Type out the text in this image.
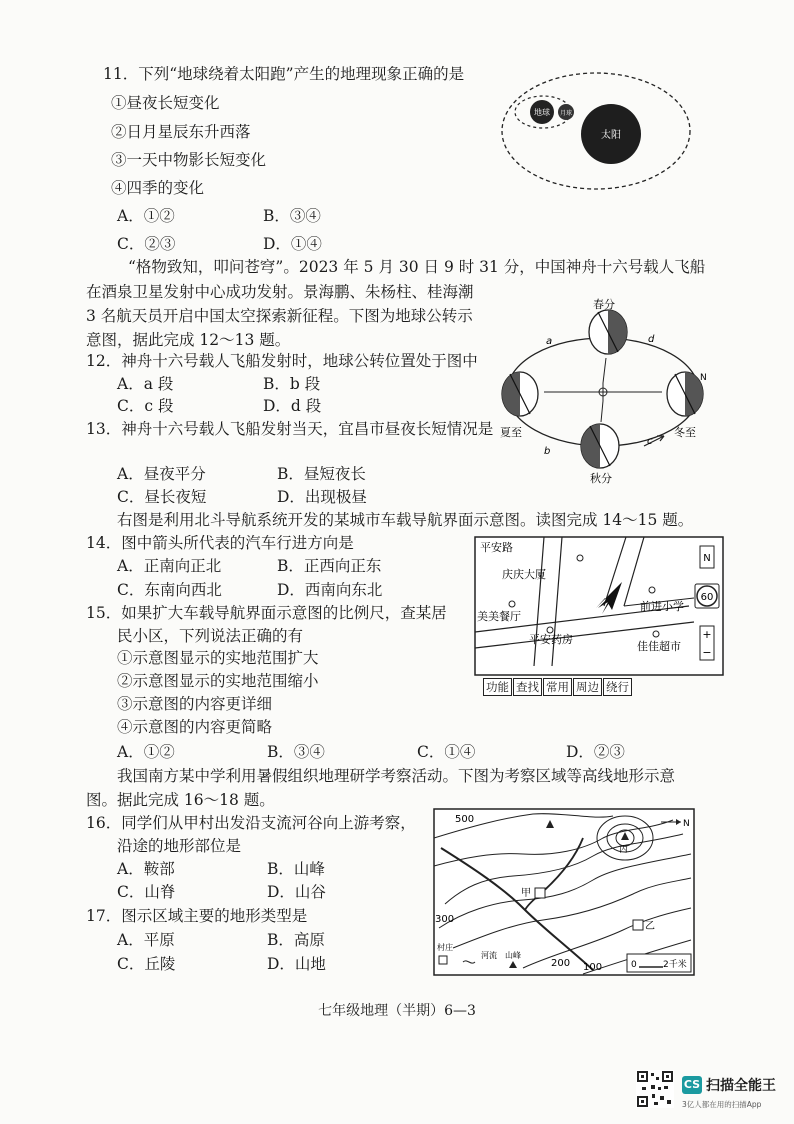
11．下列“地球绕着太阳跑”产生的地理现象正确的是
①昼夜长短变化
②日月星辰东升西落
③一天中物影长短变化
④四季的变化
A．①②	B．③④
C．②③	D．①④
地球 月球
太阳
“格物致知，叩问苍穹”。2023 年 5 月 30 日 9 时 31 分，中国神舟十六号载人飞船
在酒泉卫星发射中心成功发射。景海鹏、朱杨柱、桂海潮
3 名航天员开启中国太空探索新征程。下图为地球公转示
意图，据此完成 12～13 题。
12．神舟十六号载人飞船发射时，地球公转位置处于图中
A．a 段	B．b 段
C．c 段	D．d 段
13．神舟十六号载人飞船发射当天，宜昌市昼夜长短情况是
A．昼夜平分	B．昼短夜长
C．昼长夜短	D．出现极昼
春分
夏至
秋分
冬至
a
b
c
d
N
右图是利用北斗导航系统开发的某城市车载导航界面示意图。读图完成 14～15 题。
14．图中箭头所代表的汽车行进方向是
A．正南向正北	B．正西向正东
C．东南向西北	D．西南向东北
15．如果扩大车载导航界面示意图的比例尺，查某居
民小区，下列说法正确的有
①示意图显示的实地范围扩大
②示意图显示的实地范围缩小
③示意图的内容更详细
④示意图的内容更简略
A．①②	B．③④	C．①④	D．②③
N
60
+
−
平安路
庆庆大厦
美美餐厅
平安药房
前进小学
佳佳超市
功能 查找 常用 周边 绕行
我国南方某中学利用暑假组织地理研学考察活动。下图为考察区域等高线地形示意
图。据此完成 16～18 题。
16．同学们从甲村出发沿支流河谷向上游考察，
沿途的地形部位是
A．鞍部	B．山峰
C．山脊	D．山谷
17．图示区域主要的地形类型是
A．平原	B．高原
C．丘陵	D．山地
500
300
200 100
甲
乙
丙
N
村庄
河流 山峰
0	2千米
七年级地理（半期）6—3
CS 扫描全能王
3亿人都在用的扫描App
